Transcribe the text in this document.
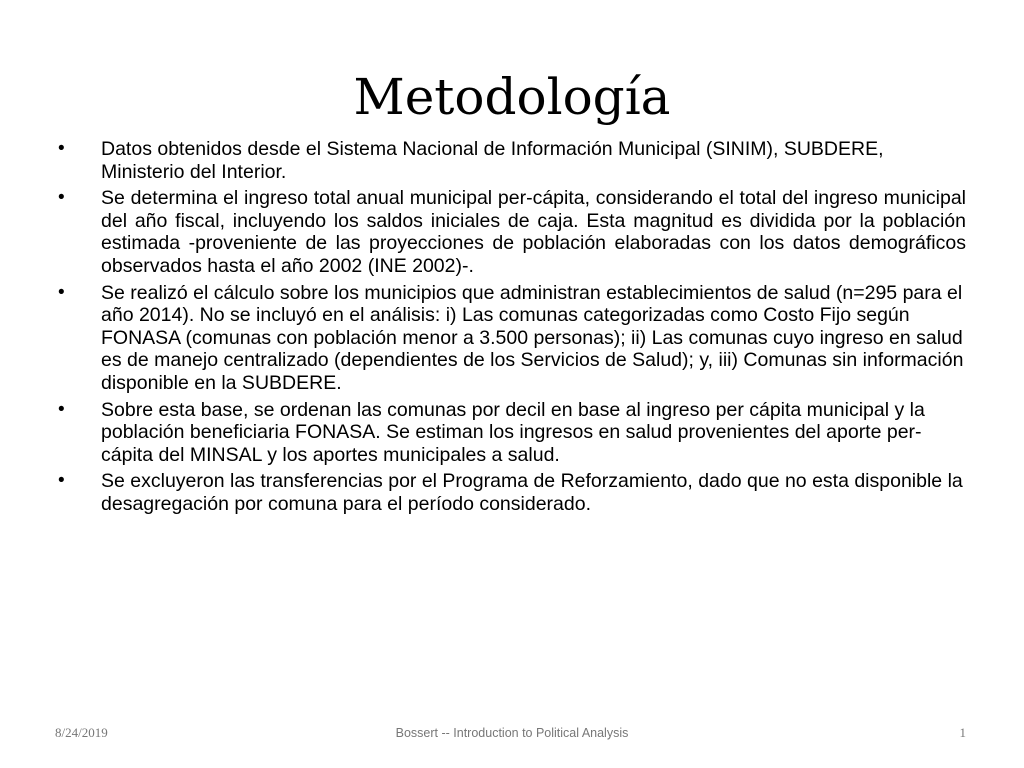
Metodología
•	Datos obtenidos desde el Sistema Nacional de Información Municipal (SINIM), SUBDERE, Ministerio del Interior.
•	Se determina el ingreso total anual municipal per-cápita, considerando el total del ingreso municipal del año fiscal, incluyendo los saldos iniciales de caja. Esta magnitud es dividida por la población estimada -proveniente de las proyecciones de población elaboradas con los datos demográficos observados hasta el año 2002 (INE 2002)-.
•	Se realizó el cálculo sobre los municipios que administran establecimientos de salud (n=295 para el año 2014). No se incluyó en el análisis: i) Las comunas categorizadas como Costo Fijo según FONASA (comunas con población menor a 3.500 personas); ii) Las comunas cuyo ingreso en salud es de manejo centralizado (dependientes de los Servicios de Salud); y, iii) Comunas sin información disponible en la SUBDERE.
•	Sobre esta base, se ordenan las comunas por decil en base al ingreso per cápita municipal y la población beneficiaria FONASA. Se estiman los ingresos en salud provenientes del aporte per-cápita del MINSAL y los aportes municipales a salud.
•	Se excluyeron las transferencias por el Programa de Reforzamiento, dado que no esta disponible la desagregación por comuna para el período considerado.
8/24/2019	Bossert -- Introduction to Political Analysis	1
